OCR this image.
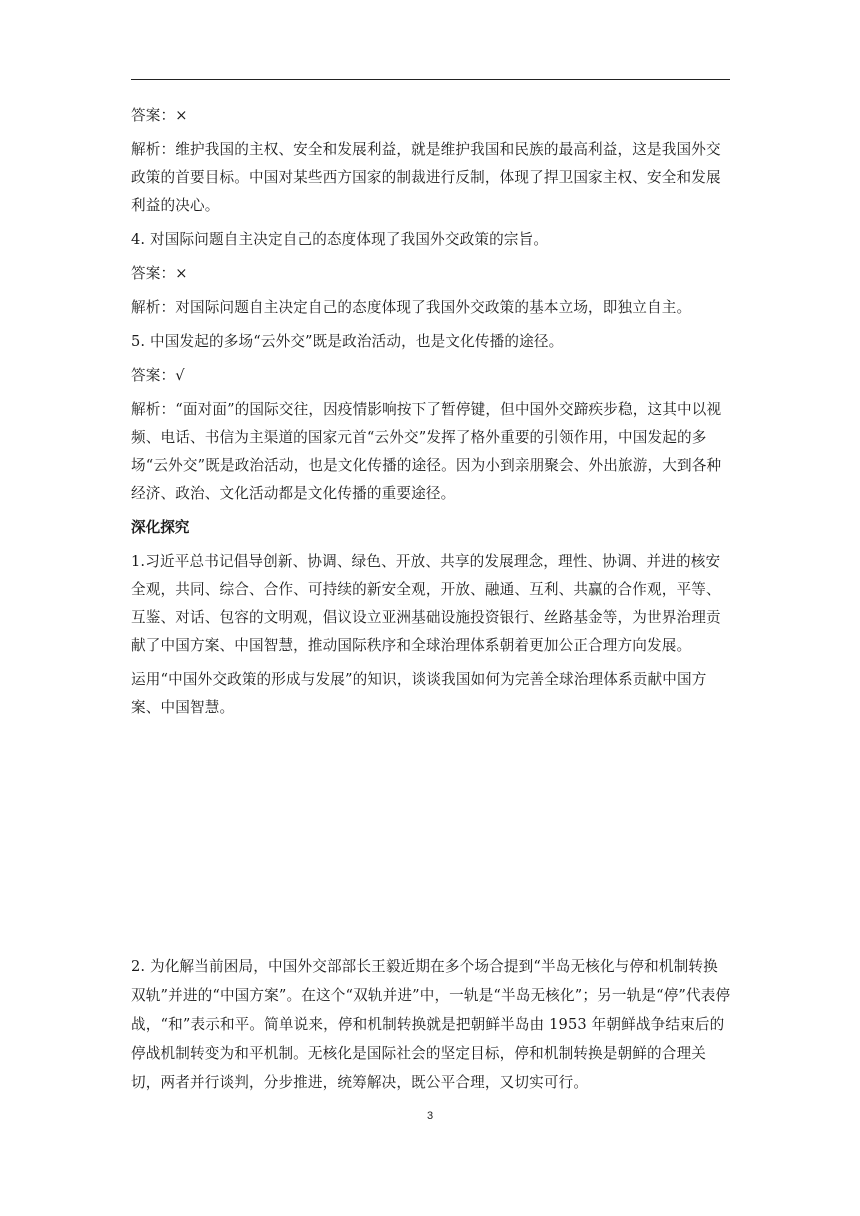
答案：×

解析：维护我国的主权、安全和发展利益，就是维护我国和民族的最高利益，这是我国外交政策的首要目标。中国对某些西方国家的制裁进行反制，体现了捍卫国家主权、安全和发展利益的决心。

4. 对国际问题自主决定自己的态度体现了我国外交政策的宗旨。

答案：×

解析：对国际问题自主决定自己的态度体现了我国外交政策的基本立场，即独立自主。

5. 中国发起的多场“云外交”既是政治活动，也是文化传播的途径。

答案：√

解析：“面对面”的国际交往，因疫情影响按下了暂停键，但中国外交蹄疾步稳，这其中以视频、电话、书信为主渠道的国家元首“云外交”发挥了格外重要的引领作用，中国发起的多场“云外交”既是政治活动，也是文化传播的途径。因为小到亲朋聚会、外出旅游，大到各种经济、政治、文化活动都是文化传播的重要途径。

深化探究

1.习近平总书记倡导创新、协调、绿色、开放、共享的发展理念，理性、协调、并进的核安全观，共同、综合、合作、可持续的新安全观，开放、融通、互利、共赢的合作观，平等、互鉴、对话、包容的文明观，倡议设立亚洲基础设施投资银行、丝路基金等，为世界治理贡献了中国方案、中国智慧，推动国际秩序和全球治理体系朝着更加公正合理方向发展。

运用“中国外交政策的形成与发展”的知识，谈谈我国如何为完善全球治理体系贡献中国方案、中国智慧。

2. 为化解当前困局，中国外交部部长王毅近期在多个场合提到“半岛无核化与停和机制转换双轨”并进的“中国方案”。在这个“双轨并进”中，一轨是“半岛无核化”；另一轨是“停”代表停战，“和”表示和平。简单说来，停和机制转换就是把朝鲜半岛由 1953 年朝鲜战争结束后的停战机制转变为和平机制。无核化是国际社会的坚定目标，停和机制转换是朝鲜的合理关切，两者并行谈判，分步推进，统筹解决，既公平合理，又切实可行。

3
